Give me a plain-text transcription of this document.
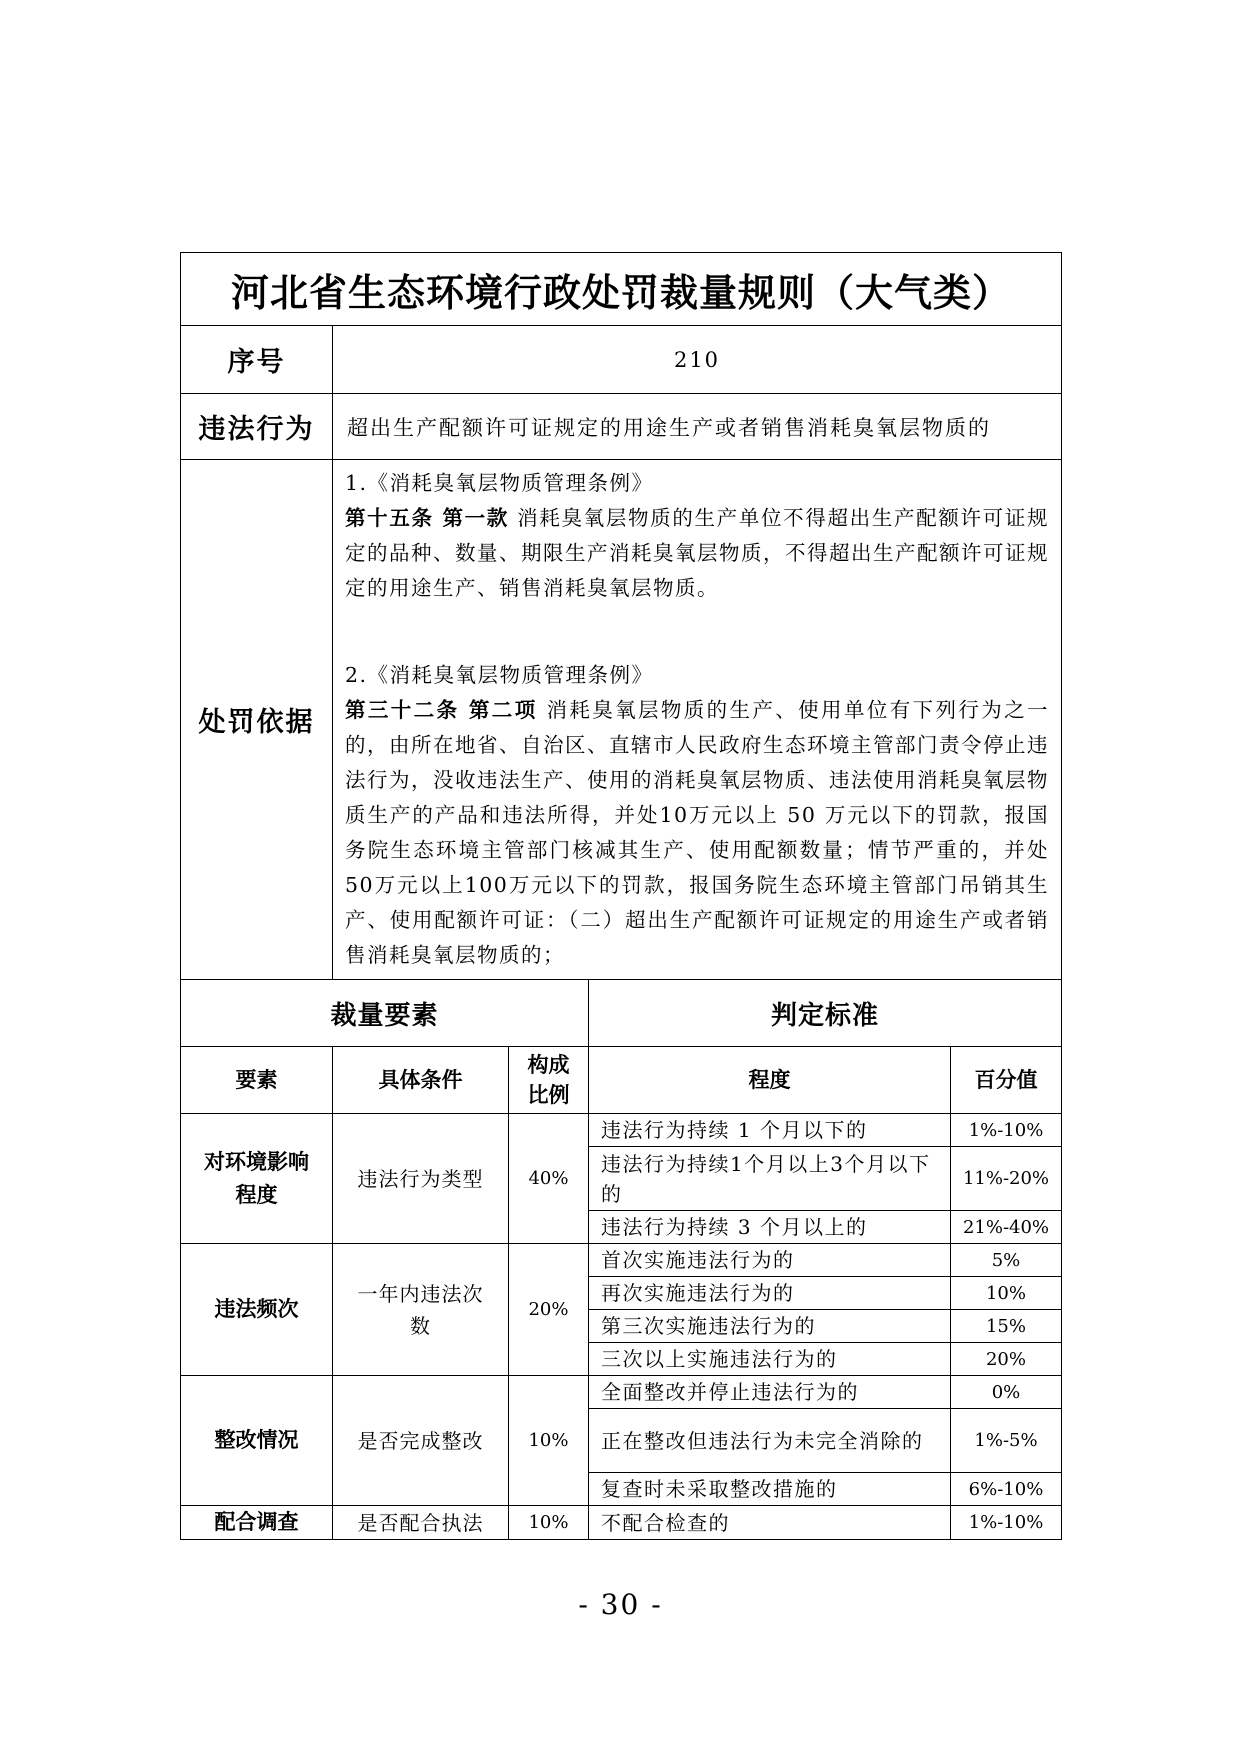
河北省生态环境行政处罚裁量规则（大气类）				
序号	210			
违法行为	超出生产配额许可证规定的用途生产或者销售消耗臭氧层物质的			
处罚依据	1.《消耗臭氧层物质管理条例》
第十五条 第一款 消耗臭氧层物质的生产单位不得超出生产配额许可证规定的品种、数量、期限生产消耗臭氧层物质，不得超出生产配额许可证规定的用途生产、销售消耗臭氧层物质。
2.《消耗臭氧层物质管理条例》
第三十二条 第二项 消耗臭氧层物质的生产、使用单位有下列行为之一的，由所在地省、自治区、直辖市人民政府生态环境主管部门责令停止违法行为，没收违法生产、使用的消耗臭氧层物质、违法使用消耗臭氧层物质生产的产品和违法所得，并处10万元以上 50 万元以下的罚款，报国务院生态环境主管部门核减其生产、使用配额数量；情节严重的，并处50万元以上100万元以下的罚款，报国务院生态环境主管部门吊销其生产、使用配额许可证：（二）超出生产配额许可证规定的用途生产或者销售消耗臭氧层物质的；			
裁量要素			判定标准	
要素	具体条件	构成比例	程度	百分值
对环境影响程度	违法行为类型	40%	违法行为持续 1 个月以下的	1%-10%
			违法行为持续1个月以上3个月以下的	11%-20%
			违法行为持续 3 个月以上的	21%-40%
违法频次	一年内违法次数	20%	首次实施违法行为的	5%
			再次实施违法行为的	10%
			第三次实施违法行为的	15%
			三次以上实施违法行为的	20%
整改情况	是否完成整改	10%	全面整改并停止违法行为的	0%
			正在整改但违法行为未完全消除的	1%-5%
			复查时未采取整改措施的	6%-10%
配合调查	是否配合执法	10%	不配合检查的	1%-10%
- 30 -
